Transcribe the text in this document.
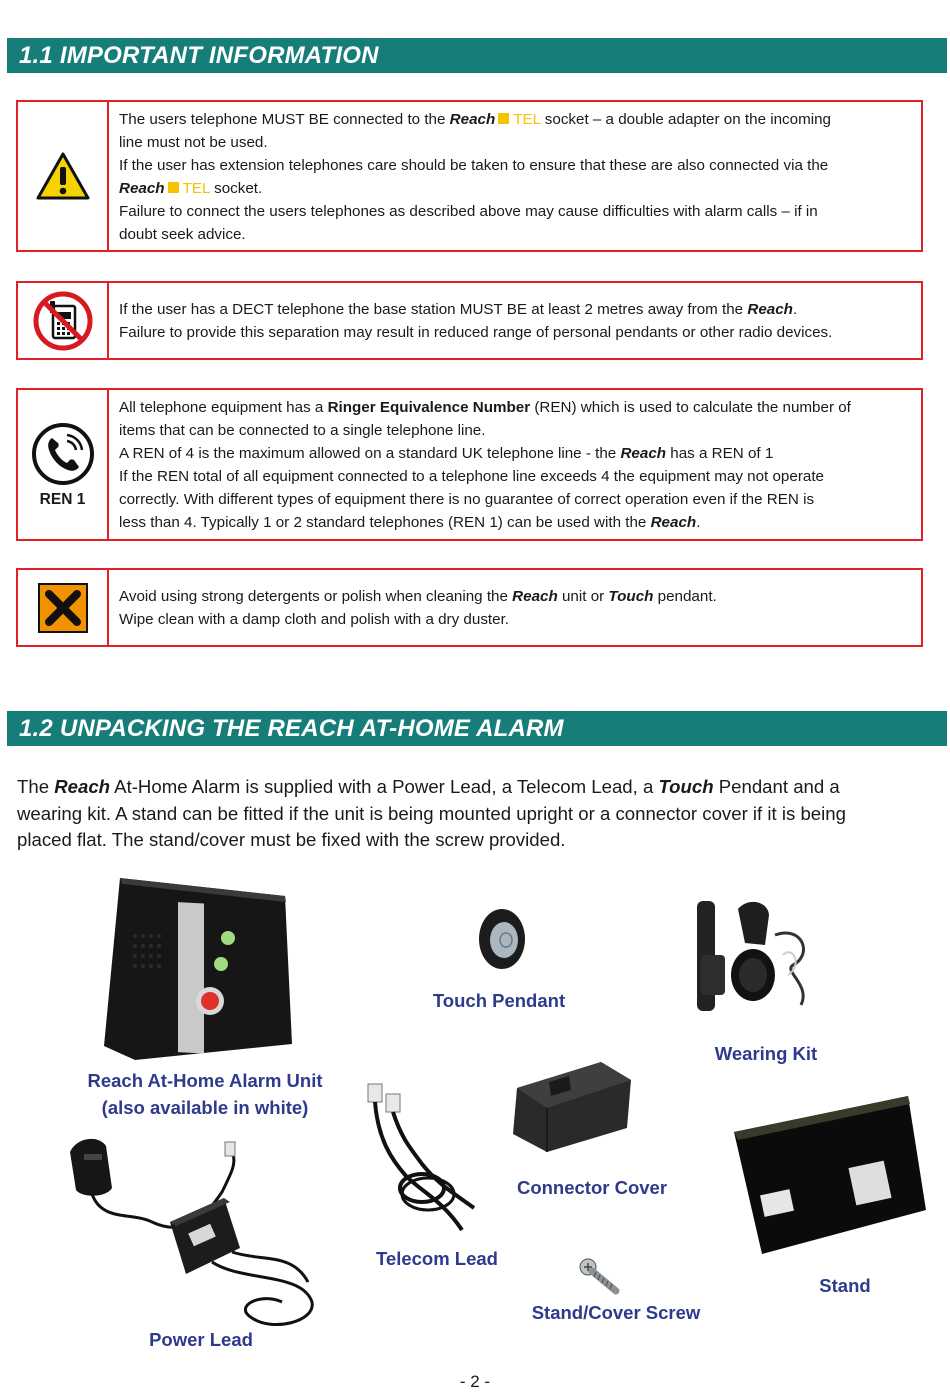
1.1 IMPORTANT INFORMATION
The users telephone MUST BE connected to the Reach TEL socket – a double adapter on the incoming
line must not be used.
If the user has extension telephones care should be taken to ensure that these are also connected via the
Reach TEL socket.
Failure to connect the users telephones as described above may cause difficulties with alarm calls – if in
doubt seek advice.
If the user has a DECT telephone the base station MUST BE at least 2 metres away from the Reach.
Failure to provide this separation may result in reduced range of personal pendants or other radio devices.
REN 1
All telephone equipment has a Ringer Equivalence Number (REN) which is used to calculate the number of
items that can be connected to a single telephone line.
A REN of 4 is the maximum allowed on a standard UK telephone line - the Reach has a REN of 1
If the REN total of all equipment connected to a telephone line exceeds 4 the equipment may not operate
correctly. With different types of equipment there is no guarantee of correct operation even if the REN is
less than 4. Typically 1 or 2 standard telephones (REN 1) can be used with the Reach.
Avoid using strong detergents or polish when cleaning the Reach unit or Touch pendant.
Wipe clean with a damp cloth and polish with a dry duster.
1.2 UNPACKING THE REACH AT-HOME ALARM
The Reach At-Home Alarm is supplied with a Power Lead, a Telecom Lead, a Touch Pendant and a
wearing kit. A stand can be fitted if the unit is being mounted upright or a connector cover if it is being
placed flat. The stand/cover must be fixed with the screw provided.
Reach At-Home Alarm Unit
(also available in white)
Touch Pendant
Wearing Kit
Connector Cover
Telecom Lead
Stand
Stand/Cover Screw
Power Lead
- 2 -
